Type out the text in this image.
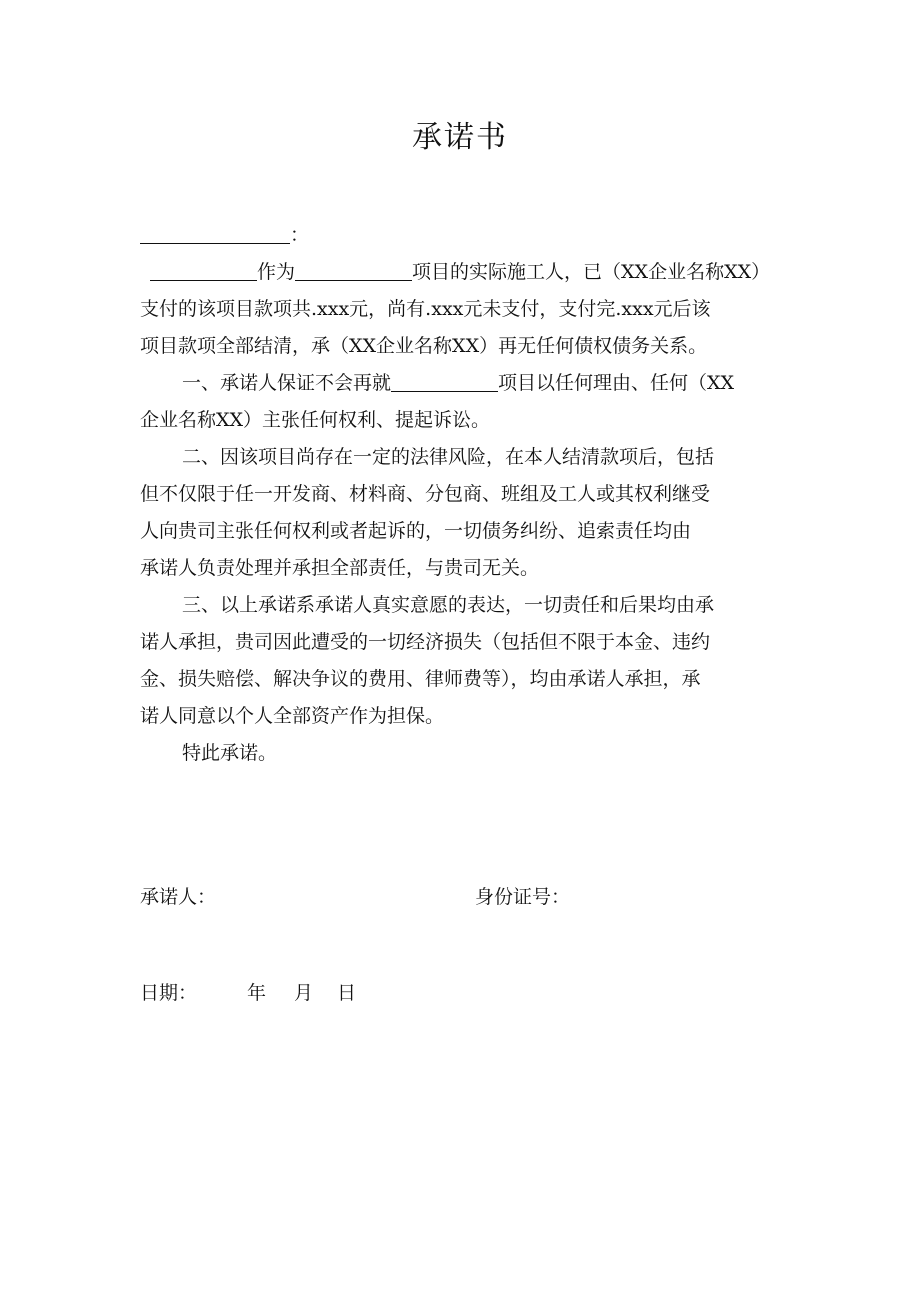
承诺书
：
作为	项目的实际施工人，已（XX企业名称XX）
支付的该项目款项共.xxx元，尚有.xxx元未支付，支付完.xxx元后该
项目款项全部结清，承（XX企业名称XX）再无任何债权债务关系。
一、承诺人保证不会再就	项目以任何理由、任何（XX
企业名称XX）主张任何权利、提起诉讼。
二、因该项目尚存在一定的法律风险，在本人结清款项后，包括
但不仅限于任一开发商、材料商、分包商、班组及工人或其权利继受
人向贵司主张任何权利或者起诉的，一切债务纠纷、追索责任均由
承诺人负责处理并承担全部责任，与贵司无关。
三、以上承诺系承诺人真实意愿的表达，一切责任和后果均由承
诺人承担，贵司因此遭受的一切经济损失（包括但不限于本金、违约
金、损失赔偿、解决争议的费用、律师费等），均由承诺人承担，承
诺人同意以个人全部资产作为担保。
特此承诺。
承诺人：	身份证号：
日期：	年 月 日
